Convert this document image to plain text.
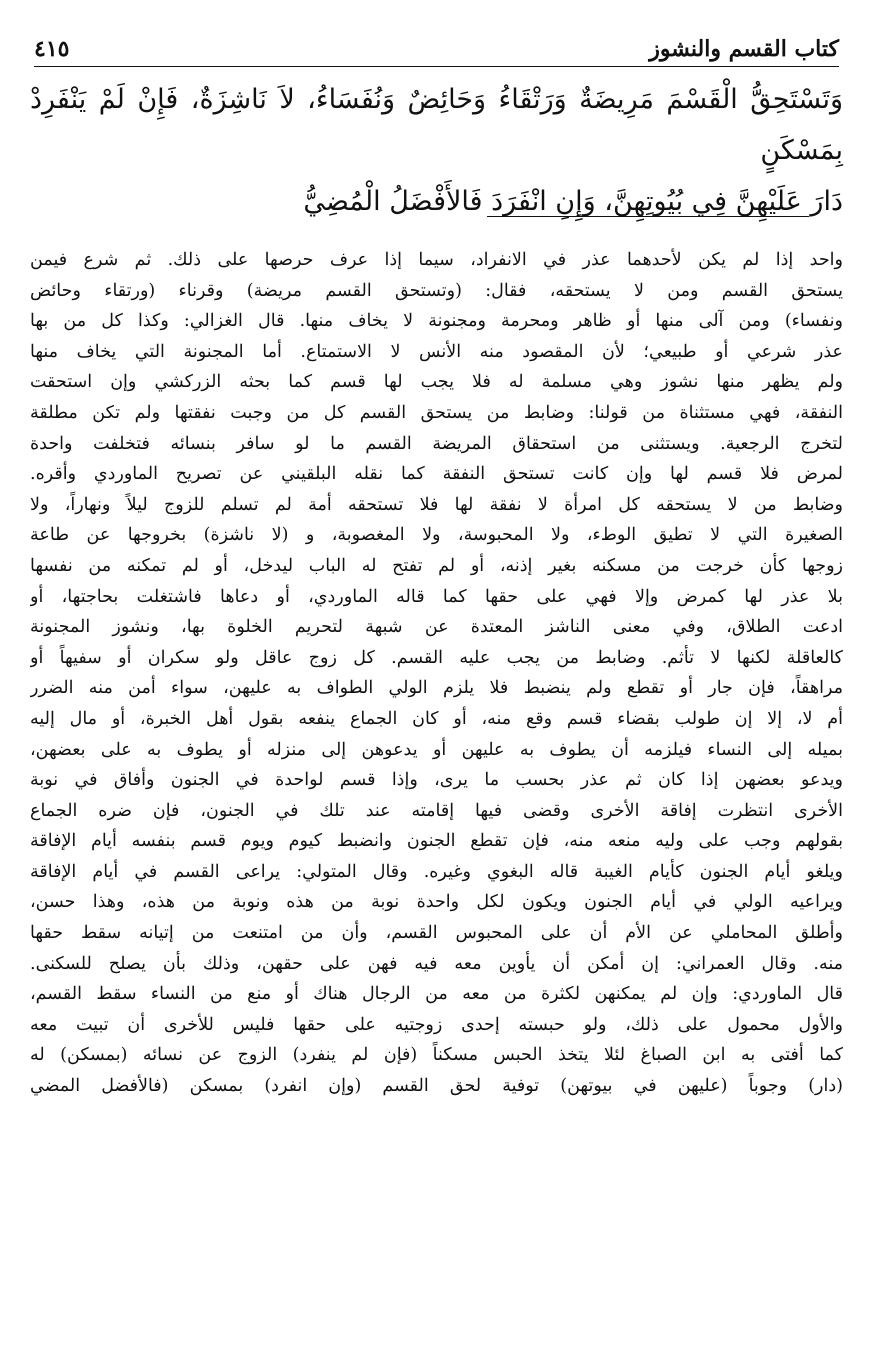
كتاب القسم والنشوز
٤١٥

وَتَسْتَحِقُّ الْقَسْمَ مَرِيضَةٌ وَرَتْقَاءُ وَحَائِضٌ وَنُفَسَاءُ، لاَ نَاشِزَةٌ، فَإِنْ لَمْ يَنْفَرِدْ بِمَسْكَنٍ

دَارَ عَلَيْهِنَّ فِي بُيُوتِهِنَّ، وَإِنِ انْفَرَدَ فَالأَفْضَلُ الْمُضِيُّ

واحد إذا لم يكن لأحدهما عذر في الانفراد، سيما إذا عرف حرصها على ذلك. ثم شرع فيمن
يستحق القسم ومن لا يستحقه، فقال: (وتستحق القسم مريضة) وقرناء (ورتقاء وحائض
ونفساء) ومن آلى منها أو ظاهر ومحرمة ومجنونة لا يخاف منها. قال الغزالي: وكذا كل من بها
عذر شرعي أو طبيعي؛ لأن المقصود منه الأنس لا الاستمتاع. أما المجنونة التي يخاف منها
ولم يظهر منها نشوز وهي مسلمة له فلا يجب لها قسم كما بحثه الزركشي وإن استحقت
النفقة، فهي مستثناة من قولنا: وضابط من يستحق القسم كل من وجبت نفقتها ولم تكن مطلقة
لتخرج الرجعية. ويستثنى من استحقاق المريضة القسم ما لو سافر بنسائه فتخلفت واحدة
لمرض فلا قسم لها وإن كانت تستحق النفقة كما نقله البلقيني عن تصريح الماوردي وأقره.
وضابط من لا يستحقه كل امرأة لا نفقة لها فلا تستحقه أمة لم تسلم للزوج ليلاً ونهاراً، ولا
الصغيرة التي لا تطيق الوطء، ولا المحبوسة، ولا المغصوبة، و (لا ناشزة) بخروجها عن طاعة
زوجها كأن خرجت من مسكنه بغير إذنه، أو لم تفتح له الباب ليدخل، أو لم تمكنه من نفسها
بلا عذر لها كمرض وإلا فهي على حقها كما قاله الماوردي، أو دعاها فاشتغلت بحاجتها، أو
ادعت الطلاق، وفي معنى الناشز المعتدة عن شبهة لتحريم الخلوة بها، ونشوز المجنونة
كالعاقلة لكنها لا تأثم. وضابط من يجب عليه القسم. كل زوج عاقل ولو سكران أو سفيهاً أو
مراهقاً، فإن جار أو تقطع ولم ينضبط فلا يلزم الولي الطواف به عليهن، سواء أمن منه الضرر
أم لا، إلا إن طولب بقضاء قسم وقع منه، أو كان الجماع ينفعه بقول أهل الخبرة، أو مال إليه
بميله إلى النساء فيلزمه أن يطوف به عليهن أو يدعوهن إلى منزله أو يطوف به على بعضهن،
ويدعو بعضهن إذا كان ثم عذر بحسب ما يرى، وإذا قسم لواحدة في الجنون وأفاق في نوبة
الأخرى انتظرت إفاقة الأخرى وقضى فيها إقامته عند تلك في الجنون، فإن ضره الجماع
بقولهم وجب على وليه منعه منه، فإن تقطع الجنون وانضبط كيوم ويوم قسم بنفسه أيام الإفاقة
ويلغو أيام الجنون كأيام الغيبة قاله البغوي وغيره. وقال المتولي: يراعى القسم في أيام الإفاقة
ويراعيه الولي في أيام الجنون ويكون لكل واحدة نوبة من هذه ونوبة من هذه، وهذا حسن،
وأطلق المحاملي عن الأم أن على المحبوس القسم، وأن من امتنعت من إتيانه سقط حقها
منه. وقال العمراني: إن أمكن أن يأوين معه فيه فهن على حقهن، وذلك بأن يصلح للسكنى.
قال الماوردي: وإن لم يمكنهن لكثرة من معه من الرجال هناك أو منع من النساء سقط القسم،
والأول محمول على ذلك، ولو حبسته إحدى زوجتيه على حقها فليس للأخرى أن تبيت معه
كما أفتى به ابن الصباغ لئلا يتخذ الحبس مسكناً (فإن لم ينفرد) الزوج عن نسائه (بمسكن) له
(دار) وجوباً (عليهن في بيوتهن) توفية لحق القسم (وإن انفرد) بمسكن (فالأفضل المضي
